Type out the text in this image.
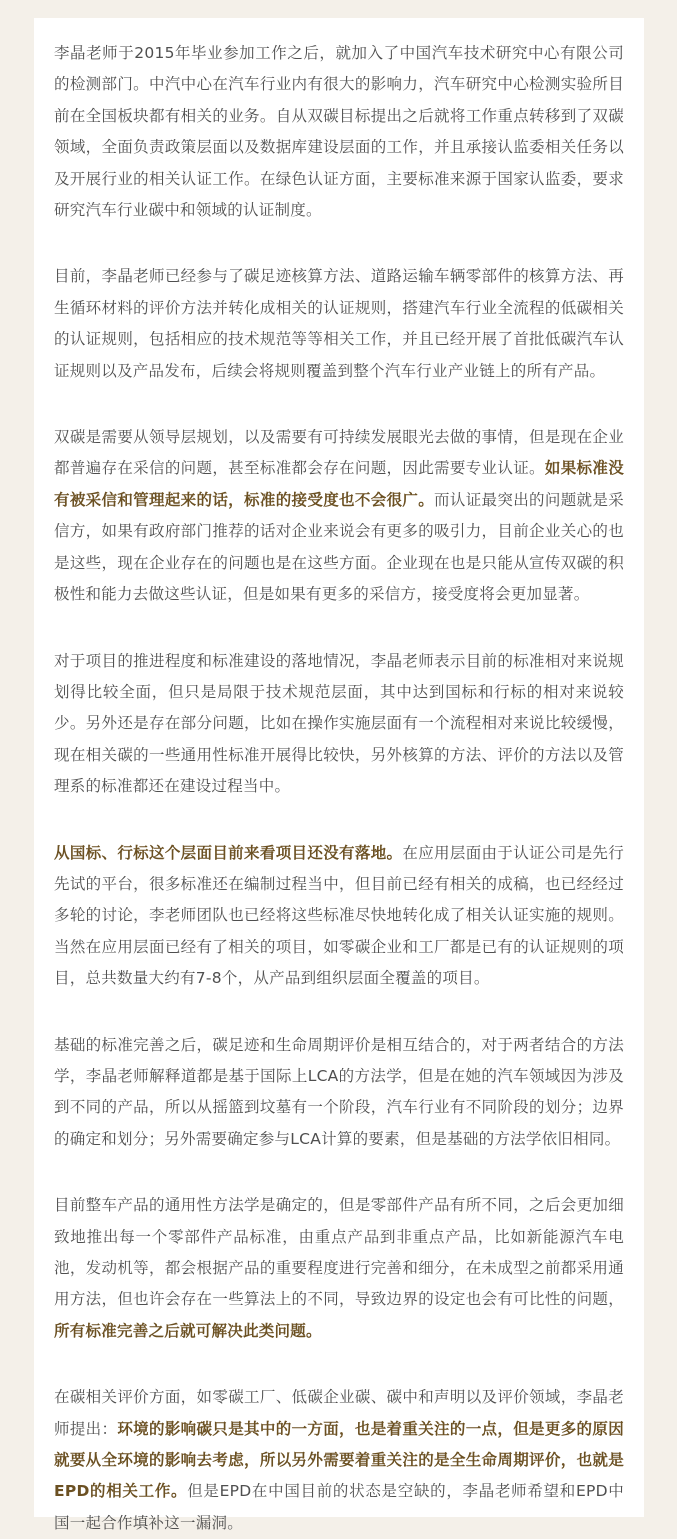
李晶老师于2015年毕业参加工作之后，就加入了中国汽车技术研究中心有限公司的检测部门。中汽中心在汽车行业内有很大的影响力，汽车研究中心检测实验所目前在全国板块都有相关的业务。自从双碳目标提出之后就将工作重点转移到了双碳领域，全面负责政策层面以及数据库建设层面的工作，并且承接认监委相关任务以及开展行业的相关认证工作。在绿色认证方面，主要标准来源于国家认监委，要求研究汽车行业碳中和领域的认证制度。

目前，李晶老师已经参与了碳足迹核算方法、道路运输车辆零部件的核算方法、再生循环材料的评价方法并转化成相关的认证规则，搭建汽车行业全流程的低碳相关的认证规则，包括相应的技术规范等等相关工作，并且已经开展了首批低碳汽车认证规则以及产品发布，后续会将规则覆盖到整个汽车行业产业链上的所有产品。

双碳是需要从领导层规划，以及需要有可持续发展眼光去做的事情，但是现在企业都普遍存在采信的问题，甚至标准都会存在问题，因此需要专业认证。如果标准没有被采信和管理起来的话，标准的接受度也不会很广。而认证最突出的问题就是采信方，如果有政府部门推荐的话对企业来说会有更多的吸引力，目前企业关心的也是这些，现在企业存在的问题也是在这些方面。企业现在也是只能从宣传双碳的积极性和能力去做这些认证，但是如果有更多的采信方，接受度将会更加显著。

对于项目的推进程度和标准建设的落地情况，李晶老师表示目前的标准相对来说规划得比较全面，但只是局限于技术规范层面，其中达到国标和行标的相对来说较少。另外还是存在部分问题，比如在操作实施层面有一个流程相对来说比较缓慢，现在相关碳的一些通用性标准开展得比较快，另外核算的方法、评价的方法以及管理系的标准都还在建设过程当中。

从国标、行标这个层面目前来看项目还没有落地。在应用层面由于认证公司是先行先试的平台，很多标准还在编制过程当中，但目前已经有相关的成稿，也已经经过多轮的讨论，李老师团队也已经将这些标准尽快地转化成了相关认证实施的规则。当然在应用层面已经有了相关的项目，如零碳企业和工厂都是已有的认证规则的项目，总共数量大约有7-8个，从产品到组织层面全覆盖的项目。

基础的标准完善之后，碳足迹和生命周期评价是相互结合的，对于两者结合的方法学，李晶老师解释道都是基于国际上LCA的方法学，但是在她的汽车领域因为涉及到不同的产品，所以从摇篮到坟墓有一个阶段，汽车行业有不同阶段的划分；边界的确定和划分；另外需要确定参与LCA计算的要素，但是基础的方法学依旧相同。

目前整车产品的通用性方法学是确定的，但是零部件产品有所不同，之后会更加细致地推出每一个零部件产品标准，由重点产品到非重点产品，比如新能源汽车电池，发动机等，都会根据产品的重要程度进行完善和细分，在未成型之前都采用通用方法，但也许会存在一些算法上的不同，导致边界的设定也会有可比性的问题，所有标准完善之后就可解决此类问题。

在碳相关评价方面，如零碳工厂、低碳企业碳、碳中和声明以及评价领域，李晶老师提出：环境的影响碳只是其中的一方面，也是着重关注的一点，但是更多的原因就要从全环境的影响去考虑，所以另外需要着重关注的是全生命周期评价，也就是EPD的相关工作。但是EPD在中国目前的状态是空缺的，李晶老师希望和EPD中国一起合作填补这一漏洞。
